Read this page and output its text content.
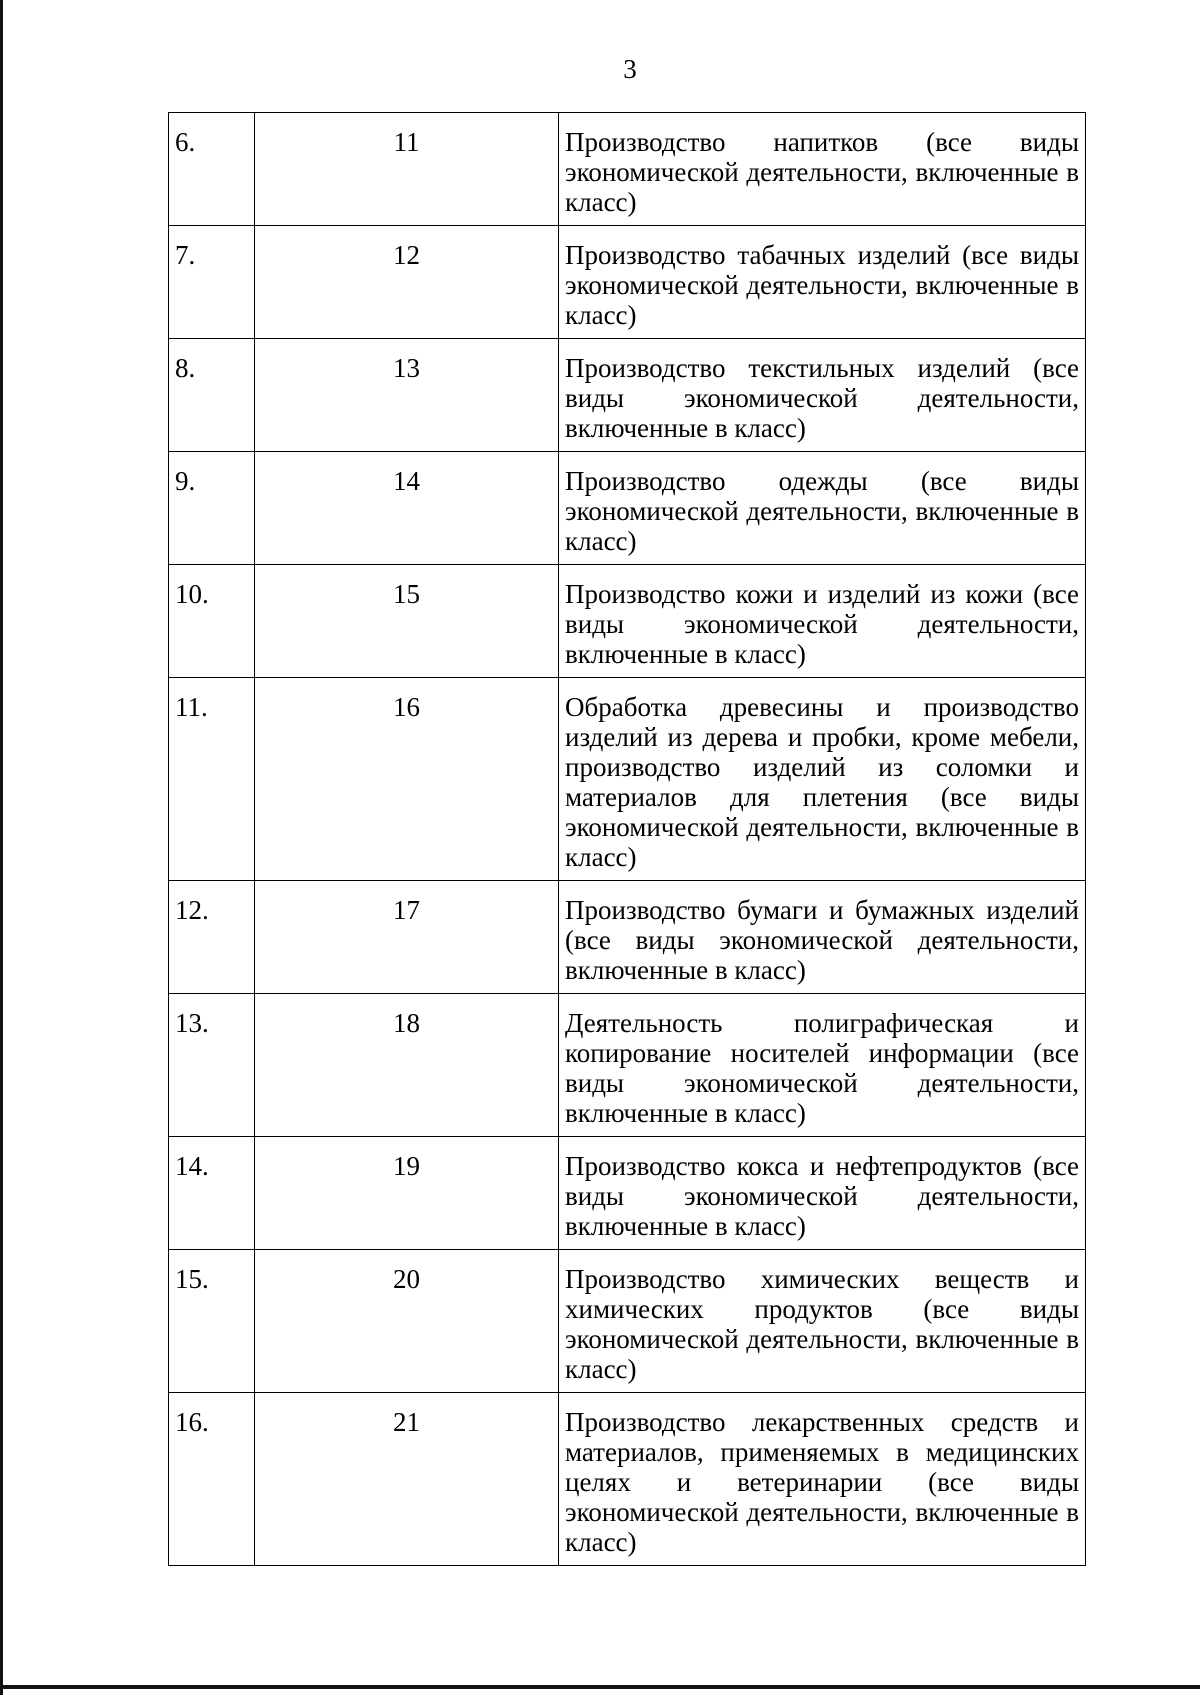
3
6.	11	Производство напитков (все виды экономической деятельности, включенные в класс)
7.	12	Производство табачных изделий (все виды экономической деятельности, включенные в класс)
8.	13	Производство текстильных изделий (все виды экономической деятельности, включенные в класс)
9.	14	Производство одежды (все виды экономической деятельности, включенные в класс)
10.	15	Производство кожи и изделий из кожи (все виды экономической деятельности, включенные в класс)
11.	16	Обработка древесины и производство изделий из дерева и пробки, кроме мебели, производство изделий из соломки и материалов для плетения (все виды экономической деятельности, включенные в класс)
12.	17	Производство бумаги и бумажных изделий (все виды экономической деятельности, включенные в класс)
13.	18	Деятельность полиграфическая и копирование носителей информации (все виды экономической деятельности, включенные в класс)
14.	19	Производство кокса и нефтепродуктов (все виды экономической деятельности, включенные в класс)
15.	20	Производство химических веществ и химических продуктов (все виды экономической деятельности, включенные в класс)
16.	21	Производство лекарственных средств и материалов, применяемых в медицинских целях и ветеринарии (все виды экономической деятельности, включенные в класс)
